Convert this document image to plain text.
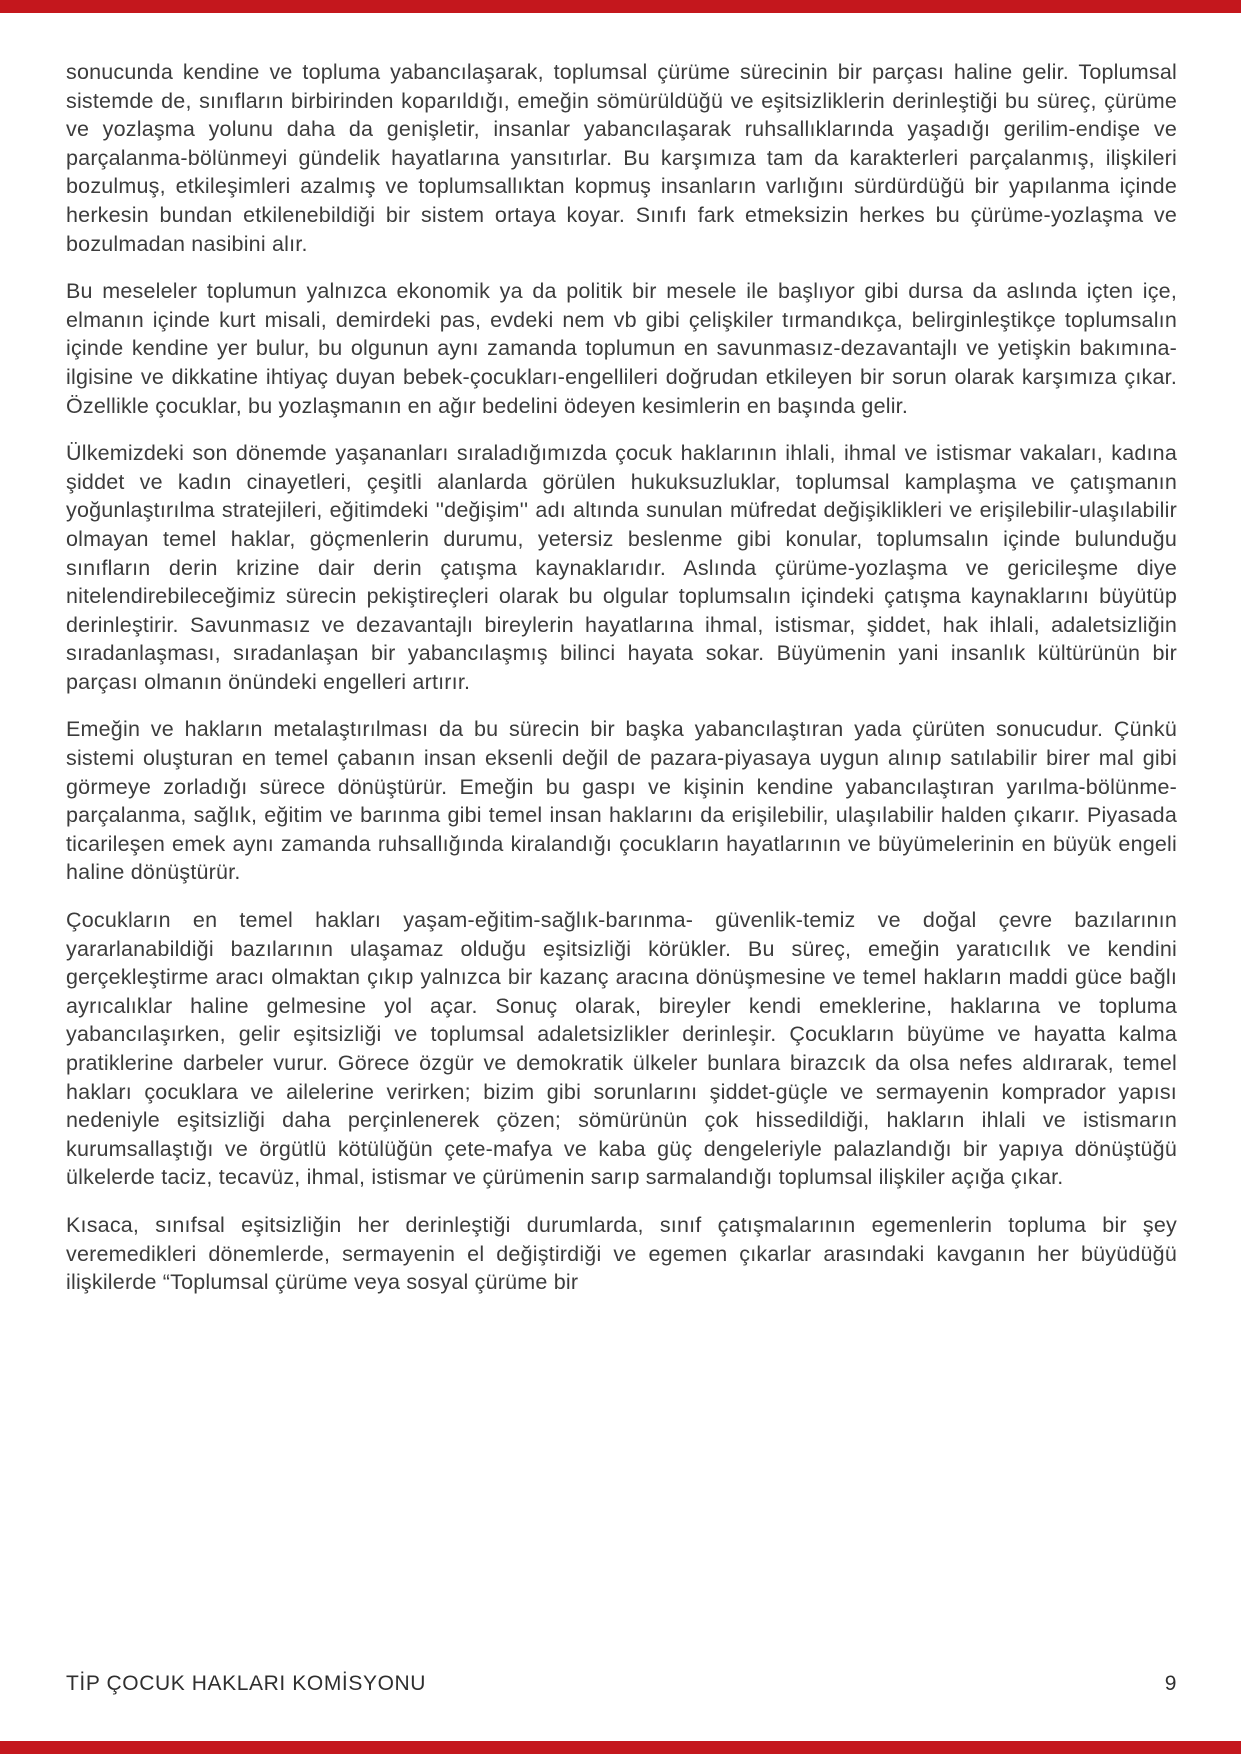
sonucunda kendine ve topluma yabancılaşarak, toplumsal çürüme sürecinin bir parçası haline gelir. Toplumsal sistemde de, sınıfların birbirinden koparıldığı, emeğin sömürüldüğü ve eşitsizliklerin derinleştiği bu süreç, çürüme ve yozlaşma yolunu daha da genişletir, insanlar yabancılaşarak ruhsallıklarında yaşadığı gerilim-endişe ve parçalanma-bölünmeyi gündelik hayatlarına yansıtırlar. Bu karşımıza tam da karakterleri parçalanmış, ilişkileri bozulmuş, etkileşimleri azalmış ve toplumsallıktan kopmuş insanların varlığını sürdürdüğü bir yapılanma içinde herkesin bundan etkilenebildiği bir sistem ortaya koyar. Sınıfı fark etmeksizin herkes bu çürüme-yozlaşma ve bozulmadan nasibini alır.

Bu meseleler toplumun yalnızca ekonomik ya da politik bir mesele ile başlıyor gibi dursa da aslında içten içe, elmanın içinde kurt misali, demirdeki pas, evdeki nem vb gibi çelişkiler tırmandıkça, belirginleştikçe toplumsalın içinde kendine yer bulur, bu olgunun aynı zamanda toplumun en savunmasız-dezavantajlı ve yetişkin bakımına-ilgisine ve dikkatine ihtiyaç duyan bebek-çocukları-engellileri doğrudan etkileyen bir sorun olarak karşımıza çıkar. Özellikle çocuklar, bu yozlaşmanın en ağır bedelini ödeyen kesimlerin en başında gelir.

Ülkemizdeki son dönemde yaşananları sıraladığımızda çocuk haklarının ihlali, ihmal ve istismar vakaları, kadına şiddet ve kadın cinayetleri, çeşitli alanlarda görülen hukuksuzluklar, toplumsal kamplaşma ve çatışmanın yoğunlaştırılma stratejileri, eğitimdeki ''değişim'' adı altında sunulan müfredat değişiklikleri ve erişilebilir-ulaşılabilir olmayan temel haklar, göçmenlerin durumu, yetersiz beslenme gibi konular, toplumsalın içinde bulunduğu sınıfların derin krizine dair derin çatışma kaynaklarıdır. Aslında çürüme-yozlaşma ve gericileşme diye nitelendirebileceğimiz sürecin pekiştireçleri olarak bu olgular toplumsalın içindeki çatışma kaynaklarını büyütüp derinleştirir. Savunmasız ve dezavantajlı bireylerin hayatlarına ihmal, istismar, şiddet, hak ihlali, adaletsizliğin sıradanlaşması, sıradanlaşan bir yabancılaşmış bilinci hayata sokar. Büyümenin yani insanlık kültürünün bir parçası olmanın önündeki engelleri artırır.

Emeğin ve hakların metalaştırılması da bu sürecin bir başka yabancılaştıran yada çürüten sonucudur. Çünkü sistemi oluşturan en temel çabanın insan eksenli değil de pazara-piyasaya uygun alınıp satılabilir birer mal gibi görmeye zorladığı sürece dönüştürür. Emeğin bu gaspı ve kişinin kendine yabancılaştıran yarılma-bölünme-parçalanma, sağlık, eğitim ve barınma gibi temel insan haklarını da erişilebilir, ulaşılabilir halden çıkarır. Piyasada ticarileşen emek aynı zamanda ruhsallığında kiralandığı çocukların hayatlarının ve büyümelerinin en büyük engeli haline dönüştürür.

Çocukların en temel hakları yaşam-eğitim-sağlık-barınma- güvenlik-temiz ve doğal çevre bazılarının yararlanabildiği bazılarının ulaşamaz olduğu eşitsizliği körükler. Bu süreç, emeğin yaratıcılık ve kendini gerçekleştirme aracı olmaktan çıkıp yalnızca bir kazanç aracına dönüşmesine ve temel hakların maddi güce bağlı ayrıcalıklar haline gelmesine yol açar. Sonuç olarak, bireyler kendi emeklerine, haklarına ve topluma yabancılaşırken, gelir eşitsizliği ve toplumsal adaletsizlikler derinleşir. Çocukların büyüme ve hayatta kalma pratiklerine darbeler vurur. Görece özgür ve demokratik ülkeler bunlara birazcık da olsa nefes aldırarak, temel hakları çocuklara ve ailelerine verirken; bizim gibi sorunlarını şiddet-güçle ve sermayenin komprador yapısı nedeniyle eşitsizliği daha perçinlenerek çözen; sömürünün çok hissedildiği, hakların ihlali ve istismarın kurumsallaştığı ve örgütlü kötülüğün çete-mafya ve kaba güç dengeleriyle palazlandığı bir yapıya dönüştüğü ülkelerde taciz, tecavüz, ihmal, istismar ve çürümenin sarıp sarmalandığı toplumsal ilişkiler açığa çıkar.

Kısaca, sınıfsal eşitsizliğin her derinleştiği durumlarda, sınıf çatışmalarının egemenlerin topluma bir şey veremedikleri dönemlerde, sermayenin el değiştirdiği ve egemen çıkarlar arasındaki kavganın her büyüdüğü ilişkilerde “Toplumsal çürüme veya sosyal çürüme bir

TİP ÇOCUK HAKLARI KOMİSYONU	9
